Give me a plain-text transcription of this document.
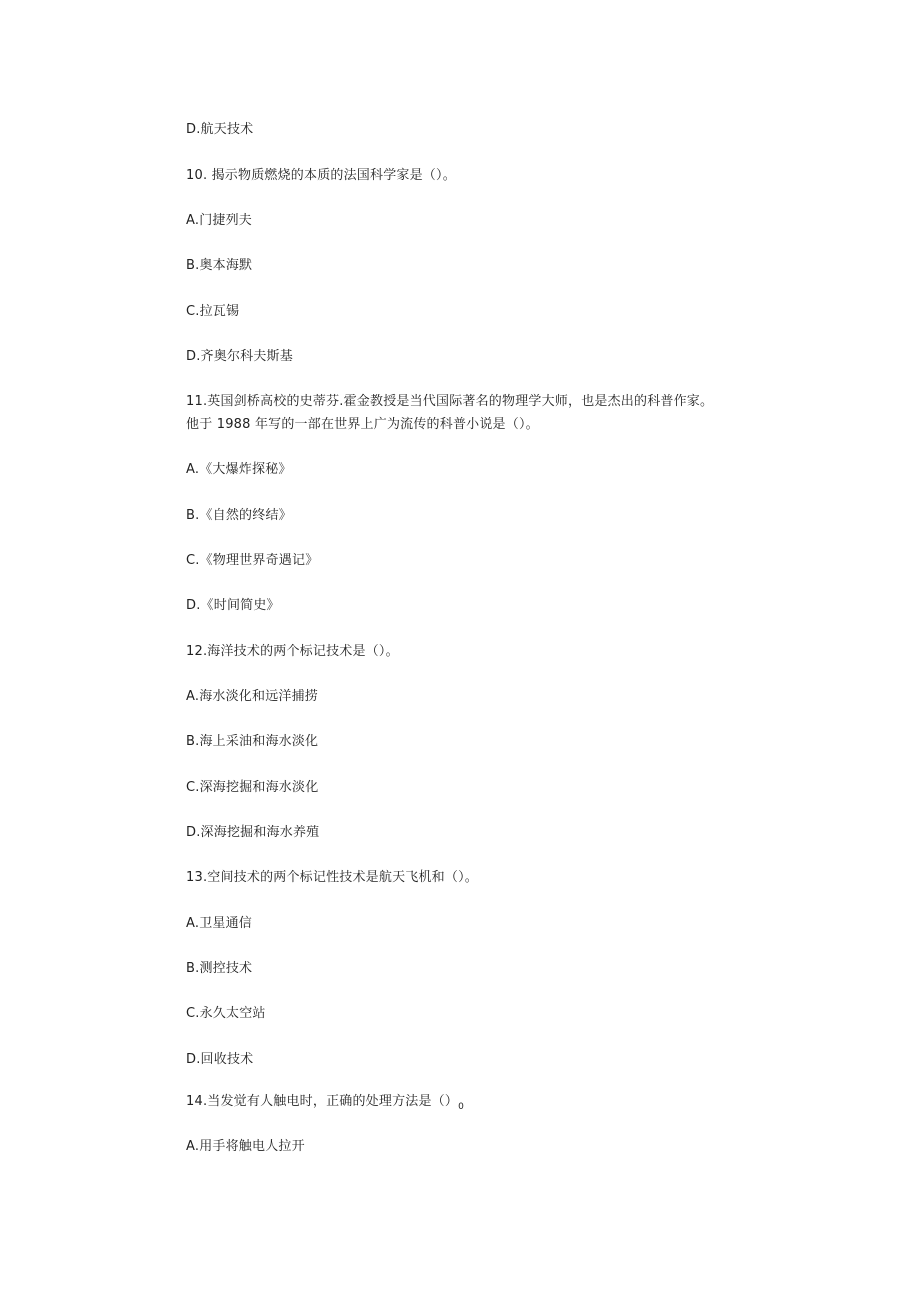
D.航天技术
10. 揭示物质燃烧的本质的法国科学家是（）。
A.门捷列夫
B.奥本海默
C.拉瓦锡
D.齐奥尔科夫斯基
11.英国剑桥高校的史蒂芬.霍金教授是当代国际著名的物理学大师，也是杰出的科普作家。他于 1988 年写的一部在世界上广为流传的科普小说是（）。
A.《大爆炸探秘》
B.《自然的终结》
C.《物理世界奇遇记》
D.《时间简史》
12.海洋技术的两个标记技术是（）。
A.海水淡化和远洋捕捞
B.海上采油和海水淡化
C.深海挖掘和海水淡化
D.深海挖掘和海水养殖
13.空间技术的两个标记性技术是航天飞机和（）。
A.卫星通信
B.测控技术
C.永久太空站
D.回收技术
14.当发觉有人触电时，正确的处理方法是$()_0$
A.用手将触电人拉开
